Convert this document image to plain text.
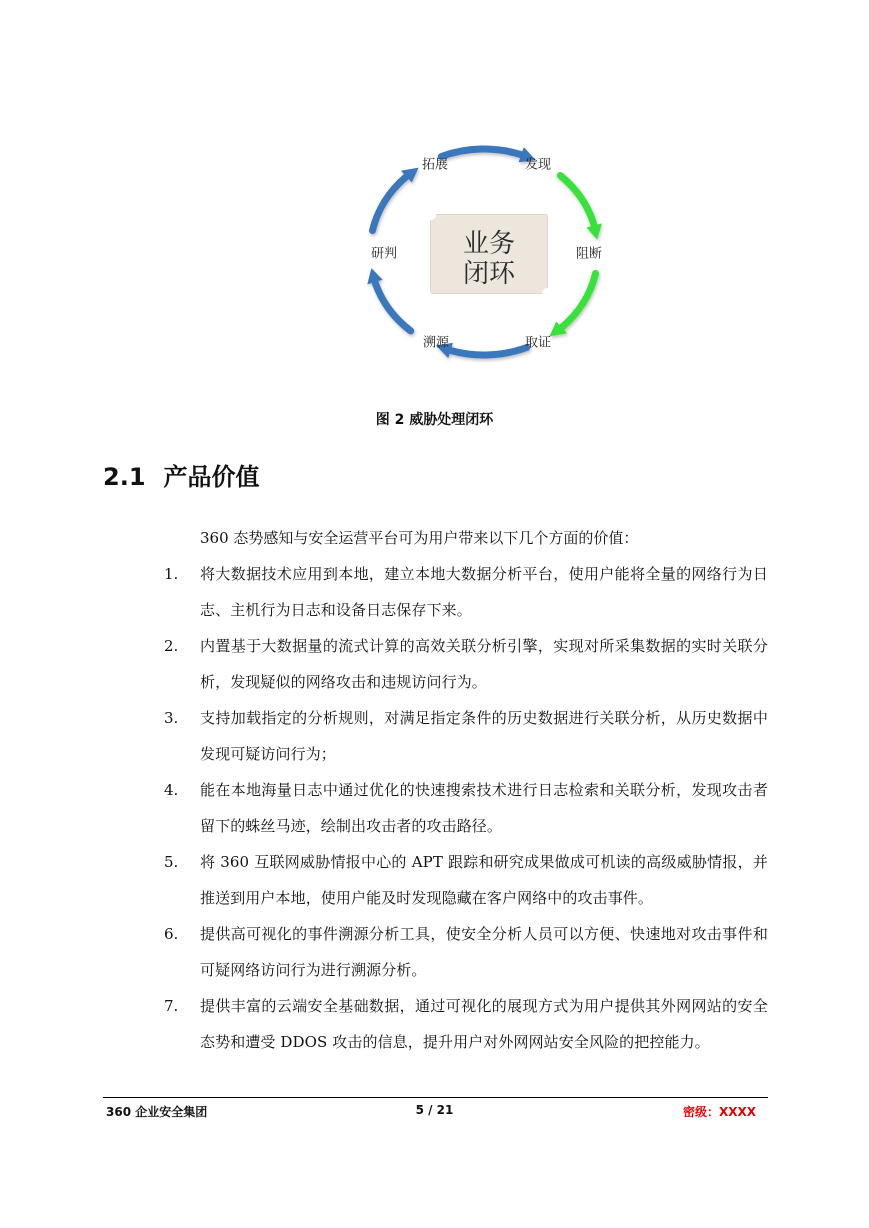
拓展	发现
阻断
取证
溯源
研判	业务
闭环
图 2 威胁处理闭环
2.1 产品价值
360 态势感知与安全运营平台可为用户带来以下几个方面的价值：
1. 将大数据技术应用到本地，建立本地大数据分析平台，使用户能将全量的网络行为日志、主机行为日志和设备日志保存下来。
2. 内置基于大数据量的流式计算的高效关联分析引擎，实现对所采集数据的实时关联分析，发现疑似的网络攻击和违规访问行为。
3. 支持加载指定的分析规则，对满足指定条件的历史数据进行关联分析，从历史数据中发现可疑访问行为；
4. 能在本地海量日志中通过优化的快速搜索技术进行日志检索和关联分析，发现攻击者留下的蛛丝马迹，绘制出攻击者的攻击路径。
5. 将 360 互联网威胁情报中心的 APT 跟踪和研究成果做成可机读的高级威胁情报，并推送到用户本地，使用户能及时发现隐藏在客户网络中的攻击事件。
6. 提供高可视化的事件溯源分析工具，使安全分析人员可以方便、快速地对攻击事件和可疑网络访问行为进行溯源分析。
7. 提供丰富的云端安全基础数据，通过可视化的展现方式为用户提供其外网网站的安全态势和遭受 DDOS 攻击的信息，提升用户对外网网站安全风险的把控能力。
360 企业安全集团	5 / 21	密级：XXXX
